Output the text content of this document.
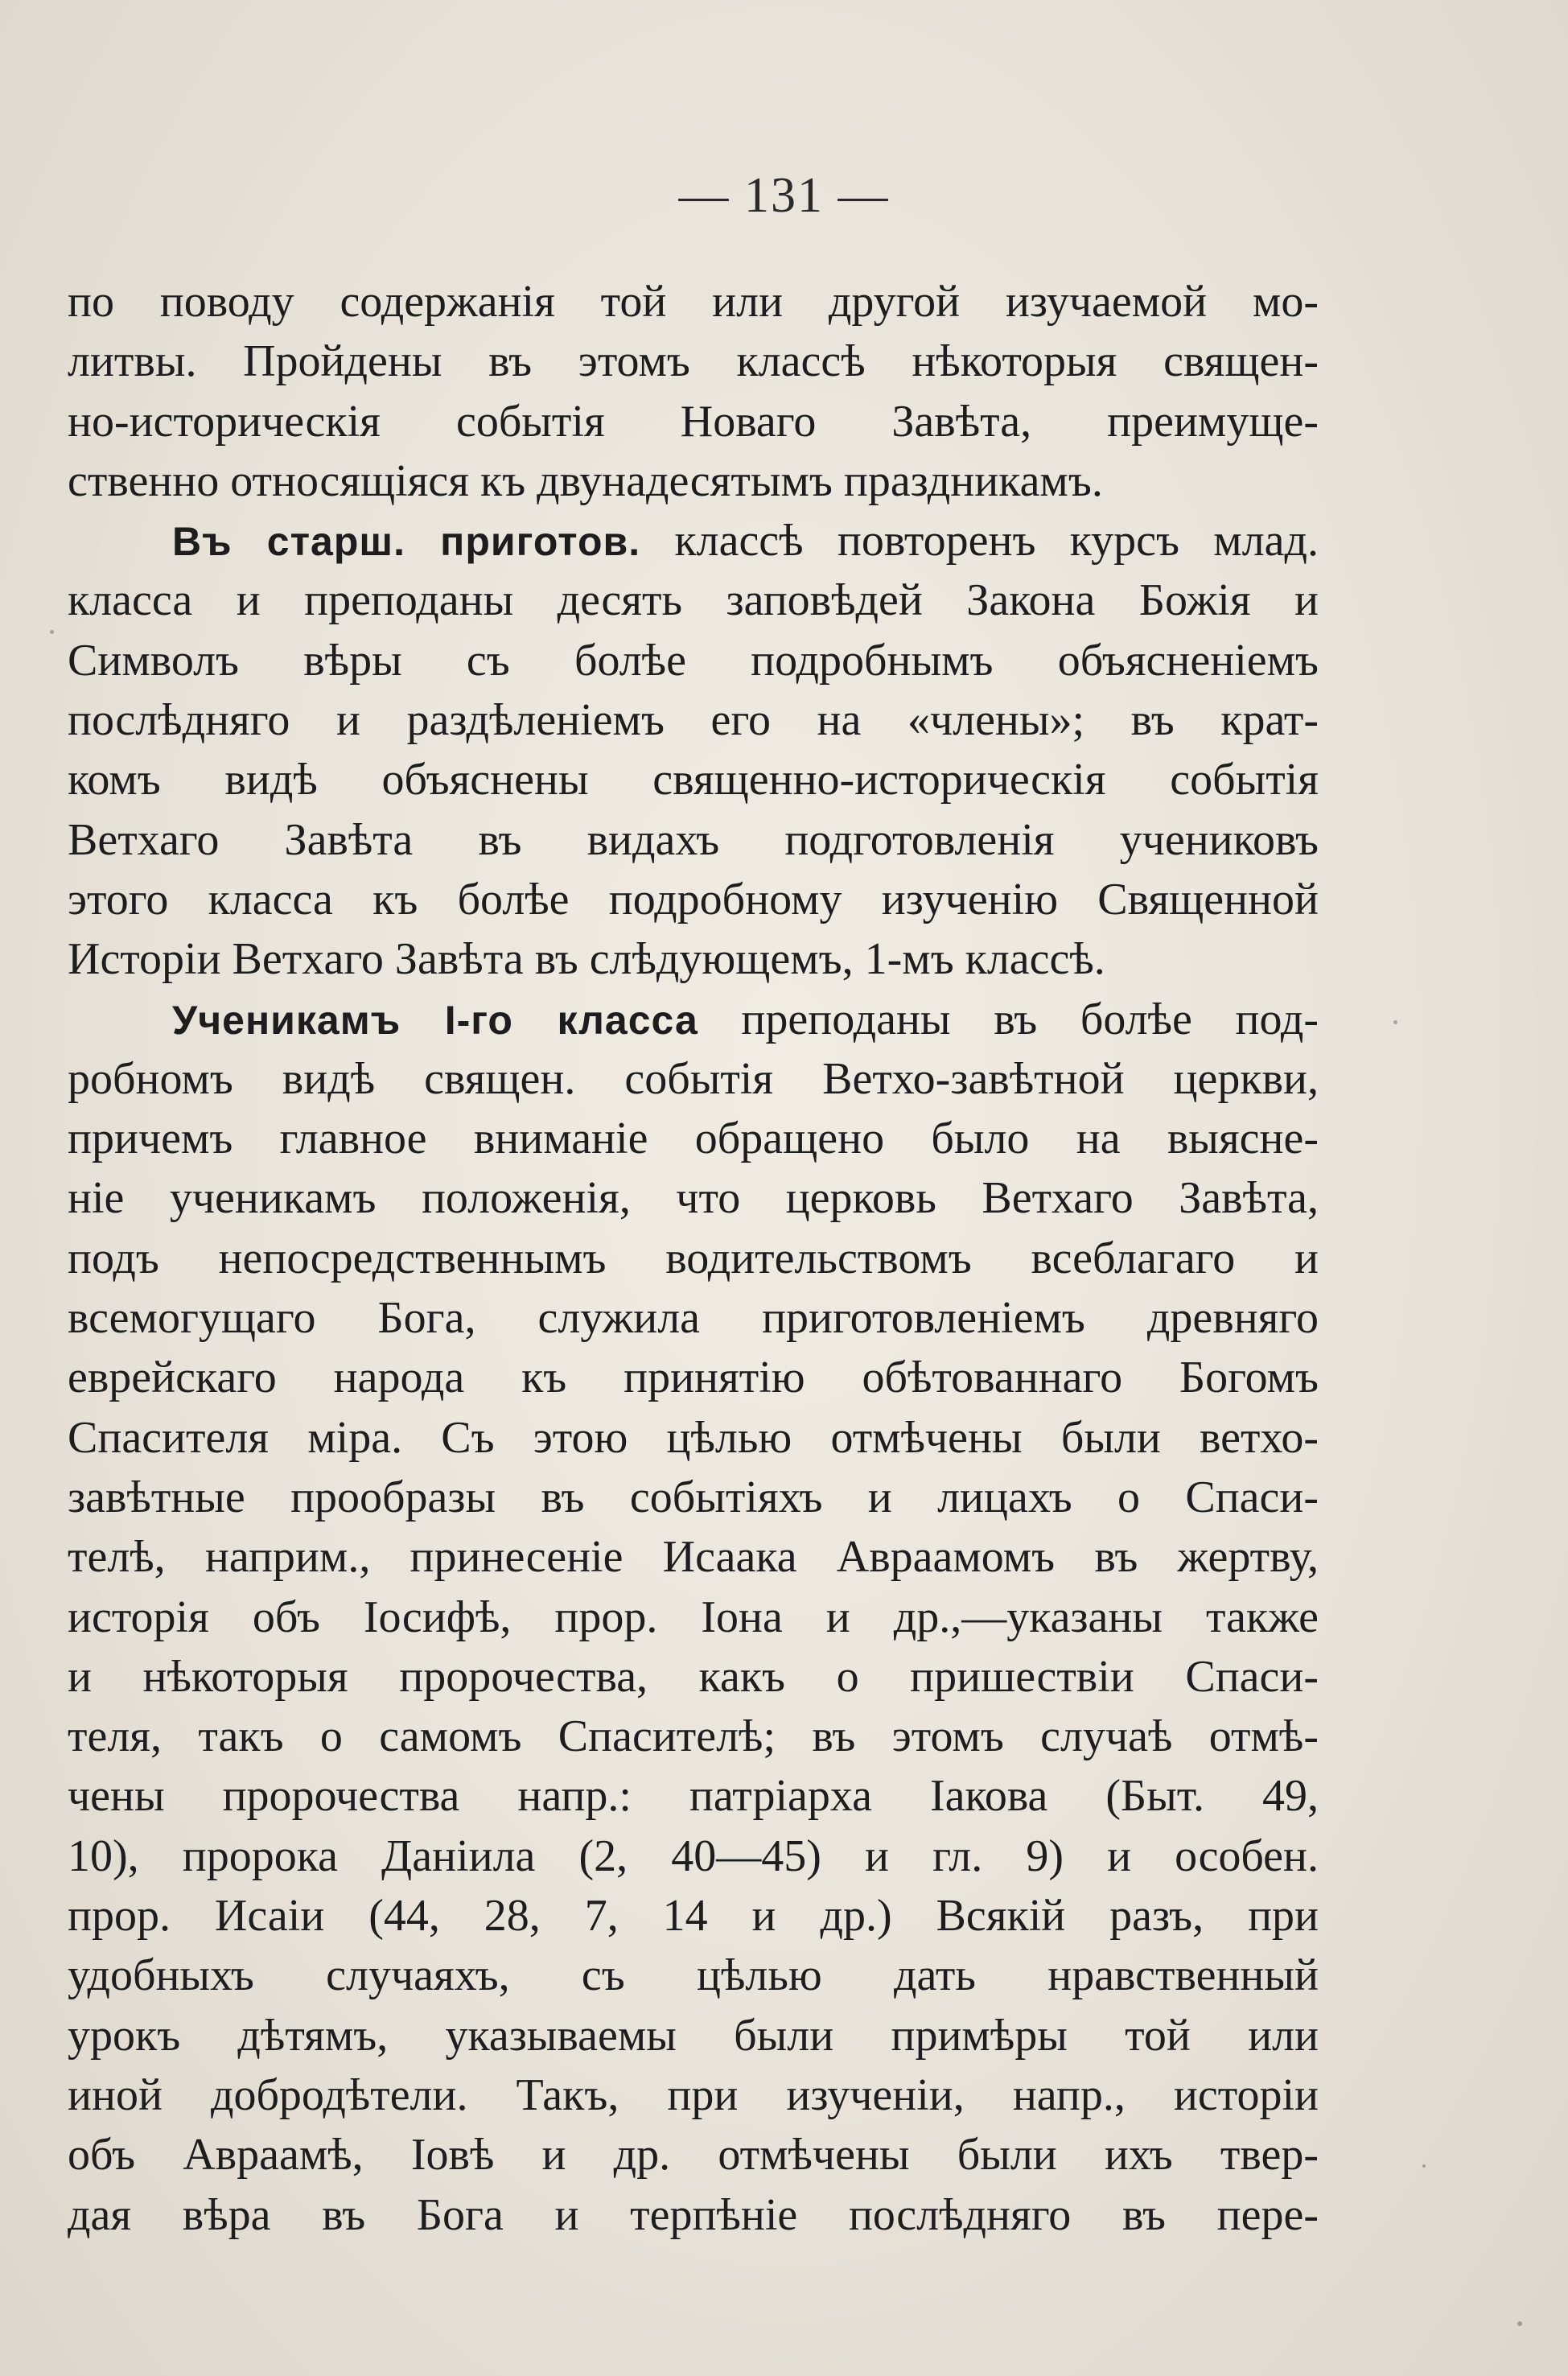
— 131 —
по поводу содержанія той или другой изучаемой мо-
литвы. Пройдены въ этомъ классѣ нѣкоторыя священ-
но-историческія событія Новаго Завѣта, преимуще-
ственно относящіяся къ двунадесятымъ праздникамъ.
Въ старш. приготов. классѣ повторенъ курсъ млад.
класса и преподаны десять заповѣдей Закона Божія и
Символъ вѣры съ болѣе подробнымъ объясненіемъ
послѣдняго и раздѣленіемъ его на «члены»; въ крат-
комъ видѣ объяснены священно-историческія событія
Ветхаго Завѣта въ видахъ подготовленія учениковъ
этого класса къ болѣе подробному изученію Священной
Исторіи Ветхаго Завѣта въ слѣдующемъ, 1-мъ классѣ.
Ученикамъ I-го класса преподаны въ болѣе под-
робномъ видѣ священ. событія Ветхо-завѣтной церкви,
причемъ главное вниманіе обращено было на выясне-
ніе ученикамъ положенія, что церковь Ветхаго Завѣта,
подъ непосредственнымъ водительствомъ всеблагаго и
всемогущаго Бога, служила приготовленіемъ древняго
еврейскаго народа къ принятію обѣтованнаго Богомъ
Спасителя міра. Съ этою цѣлью отмѣчены были ветхо-
завѣтные прообразы въ событіяхъ и лицахъ о Спаси-
телѣ, наприм., принесеніе Исаака Авраамомъ въ жертву,
исторія объ Іосифѣ, прор. Іона и др.,—указаны также
и нѣкоторыя пророчества, какъ о пришествіи Спаси-
теля, такъ о самомъ Спасителѣ; въ этомъ случаѣ отмѣ-
чены пророчества напр.: патріарха Іакова (Быт. 49,
10), пророка Даніила (2, 40—45) и гл. 9) и особен.
прор. Исаіи (44, 28, 7, 14 и др.) Всякій разъ, при
удобныхъ случаяхъ, съ цѣлью дать нравственный
урокъ дѣтямъ, указываемы были примѣры той или
иной добродѣтели. Такъ, при изученіи, напр., исторіи
объ Авраамѣ, Іовѣ и др. отмѣчены были ихъ твер-
дая вѣра въ Бога и терпѣніе послѣдняго въ пере-
